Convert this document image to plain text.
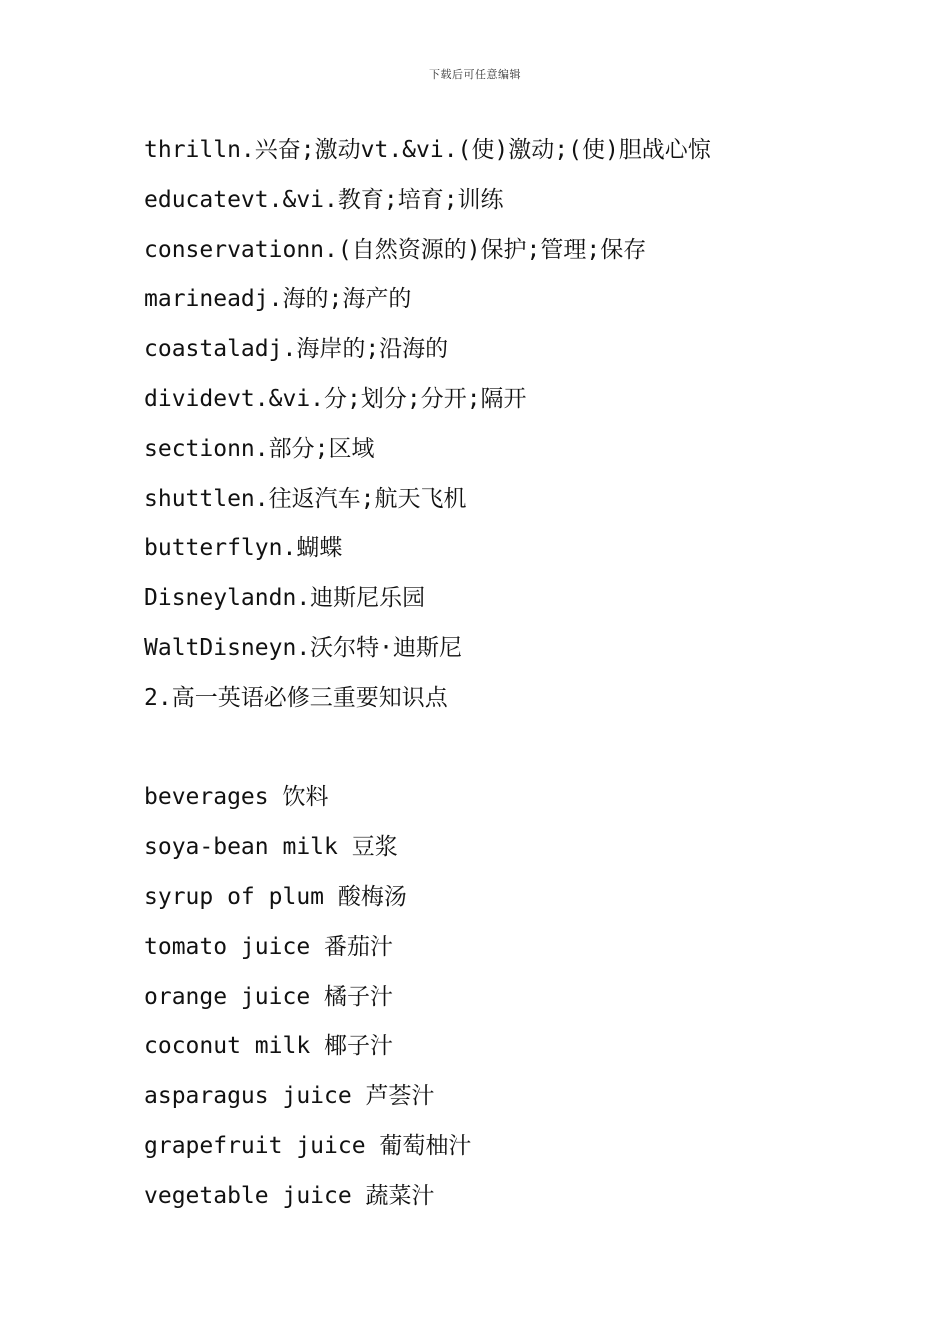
下载后可任意编辑
thrilln.兴奋;激动vt.&vi.(使)激动;(使)胆战心惊
educatevt.&vi.教育;培育;训练
conservationn.(自然资源的)保护;管理;保存
marineadj.海的;海产的
coastaladj.海岸的;沿海的
dividevt.&vi.分;划分;分开;隔开
sectionn.部分;区域
shuttlen.往返汽车;航天飞机
butterflyn.蝴蝶
Disneylandn.迪斯尼乐园
WaltDisneyn.沃尔特·迪斯尼
2.高一英语必修三重要知识点
beverages 饮料
soya-bean milk 豆浆
syrup of plum 酸梅汤
tomato juice 番茄汁
orange juice 橘子汁
coconut milk 椰子汁
asparagus juice 芦荟汁
grapefruit juice 葡萄柚汁
vegetable juice 蔬菜汁
